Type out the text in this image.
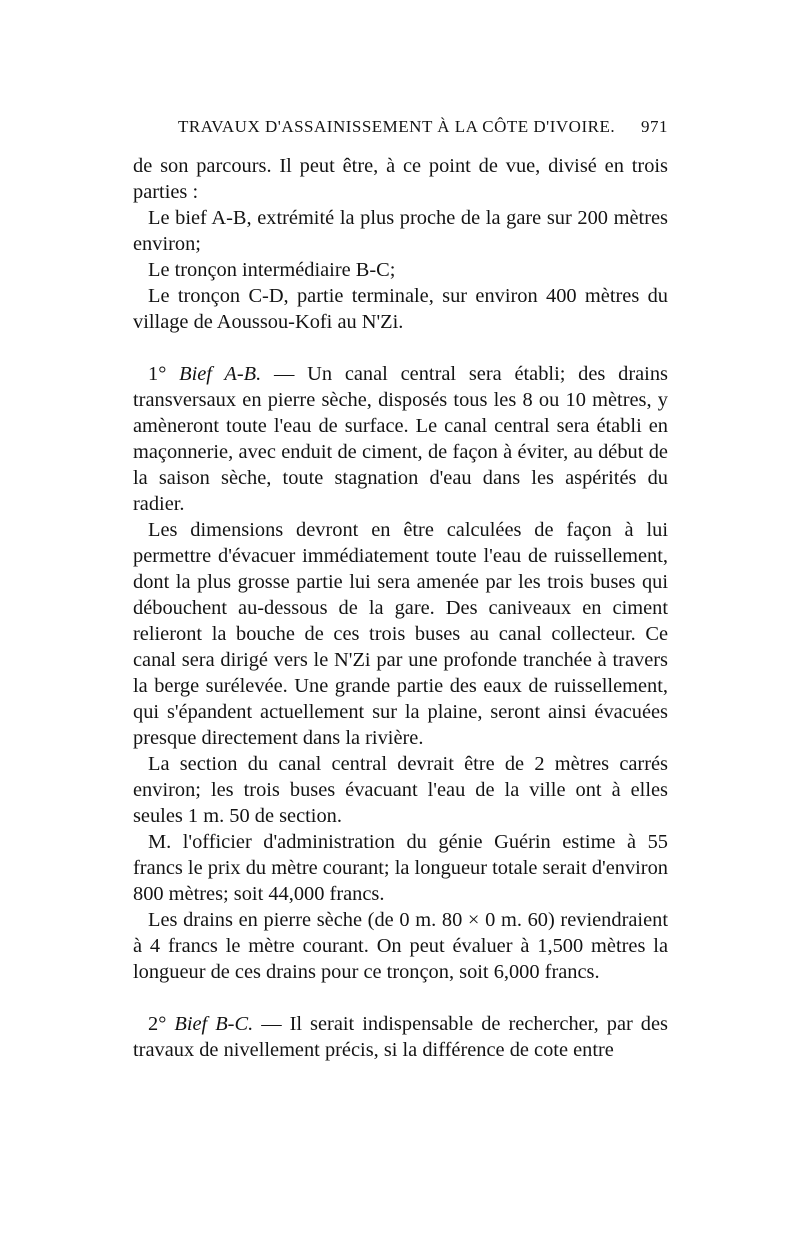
TRAVAUX D'ASSAINISSEMENT À LA CÔTE D'IVOIRE. 971

de son parcours. Il peut être, à ce point de vue, divisé en trois parties :

Le bief A-B, extrémité la plus proche de la gare sur 200 mètres environ;

Le tronçon intermédiaire B-C;

Le tronçon C-D, partie terminale, sur environ 400 mètres du village de Aoussou-Kofi au N'Zi.

1° Bief A-B. — Un canal central sera établi; des drains transversaux en pierre sèche, disposés tous les 8 ou 10 mètres, y amèneront toute l'eau de surface. Le canal central sera établi en maçonnerie, avec enduit de ciment, de façon à éviter, au début de la saison sèche, toute stagnation d'eau dans les aspérités du radier.

Les dimensions devront en être calculées de façon à lui permettre d'évacuer immédiatement toute l'eau de ruissellement, dont la plus grosse partie lui sera amenée par les trois buses qui débouchent au-dessous de la gare. Des caniveaux en ciment relieront la bouche de ces trois buses au canal collecteur. Ce canal sera dirigé vers le N'Zi par une profonde tranchée à travers la berge surélevée. Une grande partie des eaux de ruissellement, qui s'épandent actuellement sur la plaine, seront ainsi évacuées presque directement dans la rivière.

La section du canal central devrait être de 2 mètres carrés environ; les trois buses évacuant l'eau de la ville ont à elles seules 1 m. 50 de section.

M. l'officier d'administration du génie Guérin estime à 55 francs le prix du mètre courant; la longueur totale serait d'environ 800 mètres; soit 44,000 francs.

Les drains en pierre sèche (de 0 m. 80 × 0 m. 60) reviendraient à 4 francs le mètre courant. On peut évaluer à 1,500 mètres la longueur de ces drains pour ce tronçon, soit 6,000 francs.

2° Bief B-C. — Il serait indispensable de rechercher, par des travaux de nivellement précis, si la différence de cote entre
